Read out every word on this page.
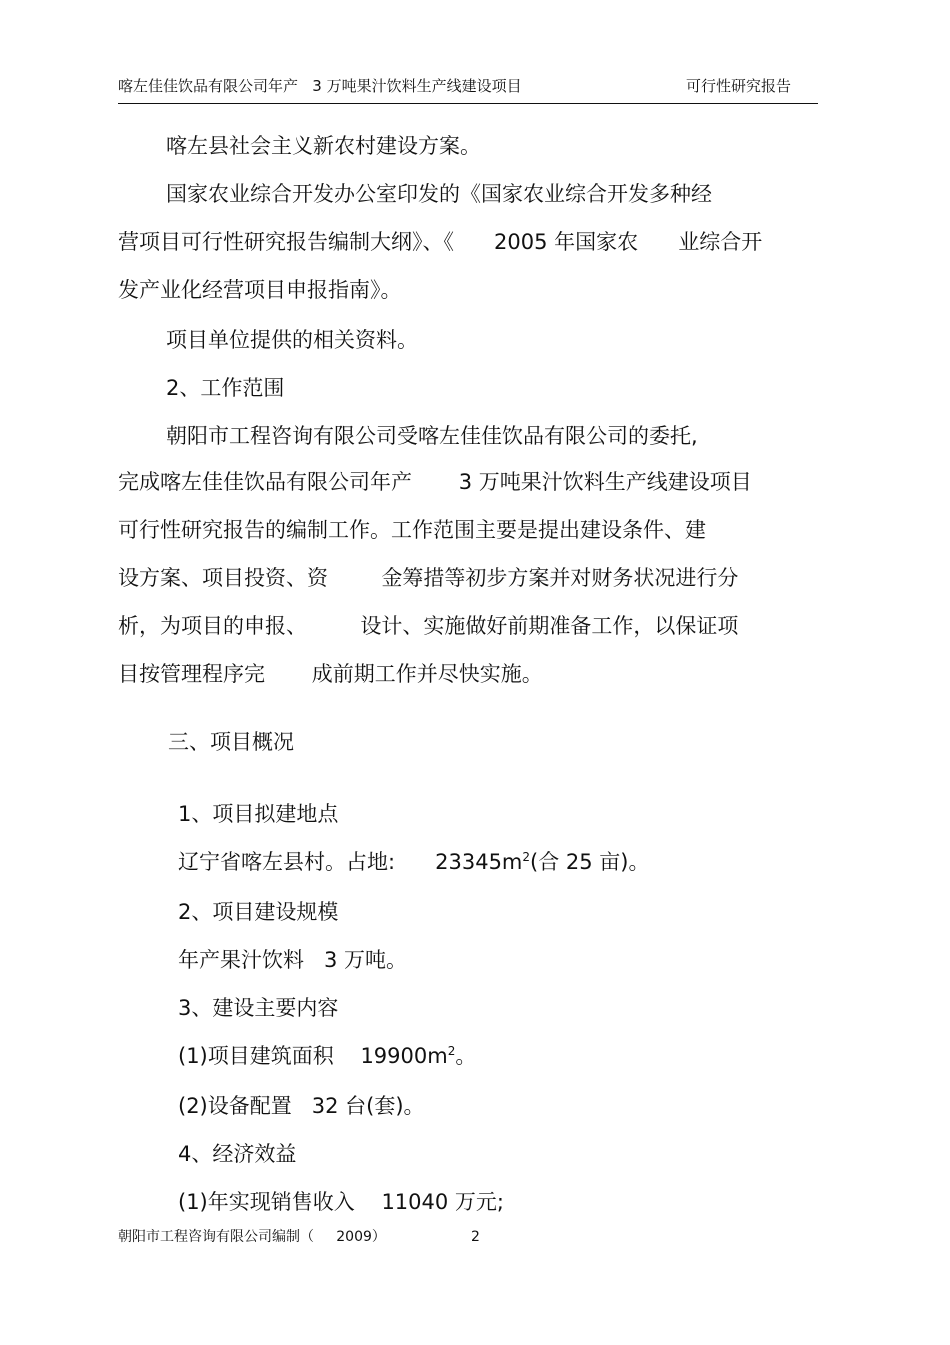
喀左佳佳饮品有限公司年产   3 万吨果汁饮料生产线建设项目	可行性研究报告
喀左县社会主义新农村建设方案。
国家农业综合开发办公室印发的《国家农业综合开发多种经
营项目可行性研究报告编制大纲》、《      2005 年国家农      业综合开
发产业化经营项目申报指南》。
项目单位提供的相关资料。
2、工作范围
朝阳市工程咨询有限公司受喀左佳佳饮品有限公司的委托,
完成喀左佳佳饮品有限公司年产       3 万吨果汁饮料生产线建设项目
可行性研究报告的编制工作。工作范围主要是提出建设条件、建
设方案、项目投资、资        金筹措等初步方案并对财务状况进行分
析，为项目的申报、        设计、实施做好前期准备工作，以保证项
目按管理程序完       成前期工作并尽快实施。
三、项目概况
1、项目拟建地点
辽宁省喀左县村。占地:      $23345m^2$(合 25 亩)。
2、项目建设规模
年产果汁饮料   3 万吨。
3、建设主要内容
(1)项目建筑面积    $19900m^2$。
(2)设备配置   32 台(套)。
4、经济效益
(1)年实现销售收入    11040 万元;
朝阳市工程咨询有限公司编制（     2009）	2
